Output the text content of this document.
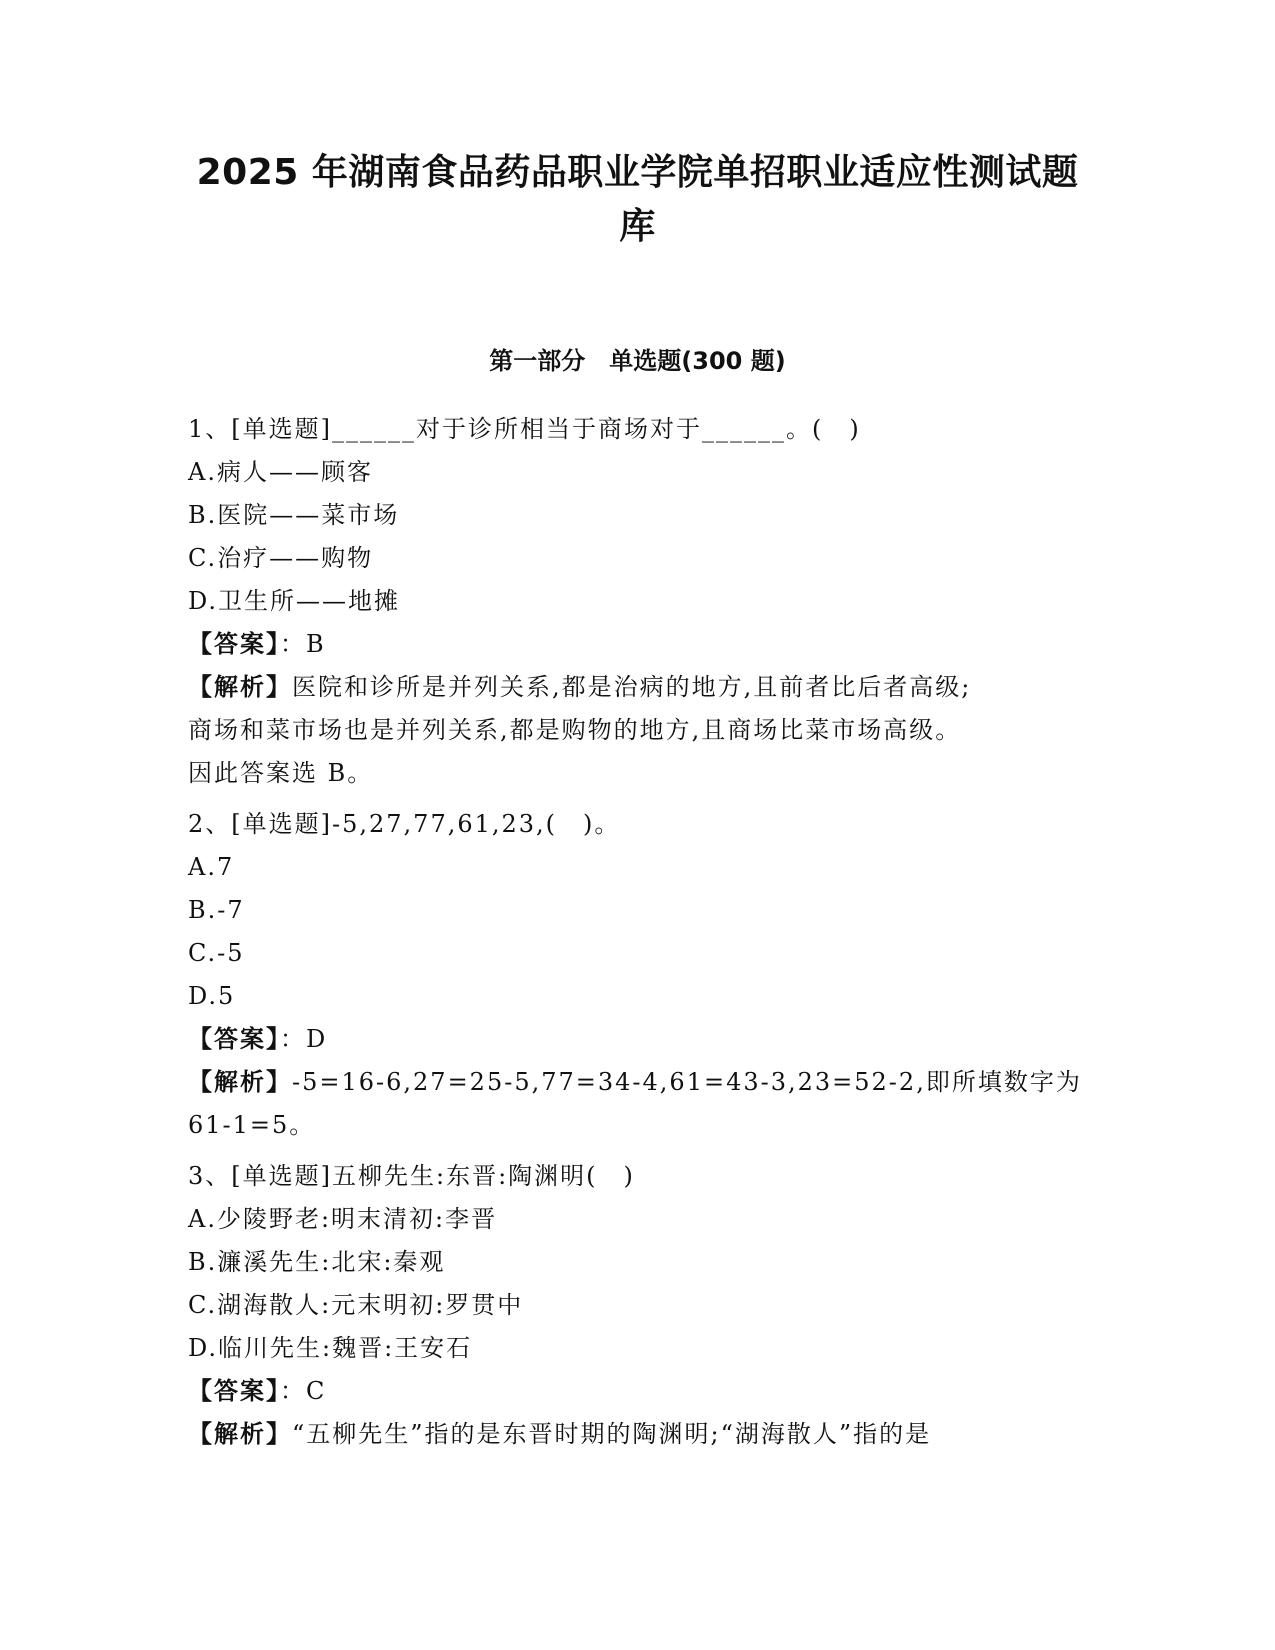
2025 年湖南食品药品职业学院单招职业适应性测试题
库
第一部分　单选题(300 题)
1、[单选题]______对于诊所相当于商场对于______。(　)
A.病人——顾客
B.医院——菜市场
C.治疗——购物
D.卫生所——地摊
【答案】：B
【解析】医院和诊所是并列关系,都是治病的地方,且前者比后者高级;
商场和菜市场也是并列关系,都是购物的地方,且商场比菜市场高级。
因此答案选 B。
2、[单选题]-5,27,77,61,23,(　)。
A.7
B.-7
C.-5
D.5
【答案】：D
【解析】-5=16-6,27=25-5,77=34-4,61=43-3,23=52-2,即所填数字为
61-1=5。
3、[单选题]五柳先生:东晋:陶渊明(　)
A.少陵野老:明末清初:李晋
B.濂溪先生:北宋:秦观
C.湖海散人:元末明初:罗贯中
D.临川先生:魏晋:王安石
【答案】：C
【解析】“五柳先生”指的是东晋时期的陶渊明;“湖海散人”指的是
